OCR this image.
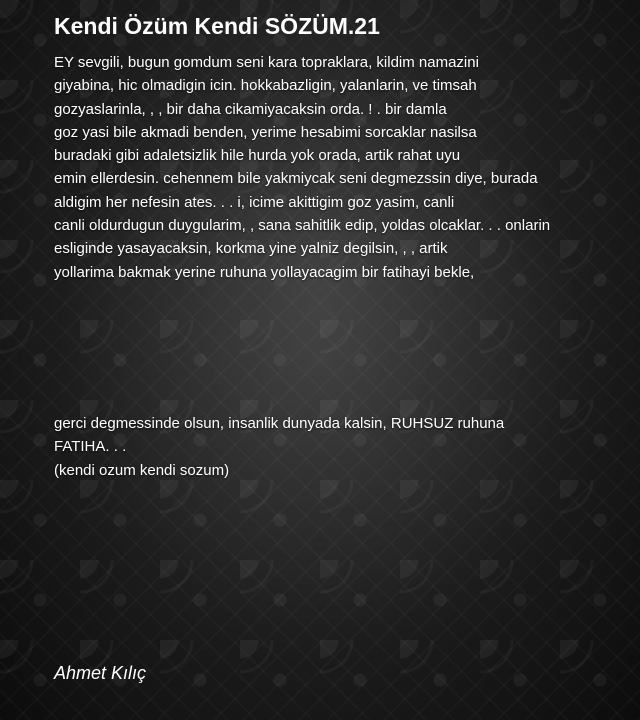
Kendi Özüm Kendi SÖZÜM.21
EY sevgili, bugun gomdum seni kara topraklara, kildim namazini
giyabina, hic olmadigin icin. hokkabazligin, yalanlarin, ve timsah
gozyaslarinla, , , bir daha cikamiyacaksin orda. ! . bir damla
goz yasi bile akmadi benden, yerime hesabimi sorcaklar nasilsa
buradaki gibi adaletsizlik hile hurda yok orada, artik rahat uyu
emin ellerdesin. cehennem bile yakmiycak seni degmezssin diye, burada
aldigim her nefesin ates. . . i, icime akittigim goz yasim, canli
canli oldurdugun duygularim, , sana sahitlik edip, yoldas olcaklar. . . onlarin
esliginde yasayacaksin, korkma yine yalniz degilsin, , , artik
yollarima bakmak yerine ruhuna yollayacagim bir fatihayi bekle,
gerci degmessinde olsun, insanlik dunyada kalsin, RUHSUZ ruhuna
FATIHA. . .
(kendi ozum kendi sozum)
Ahmet Kılıç
